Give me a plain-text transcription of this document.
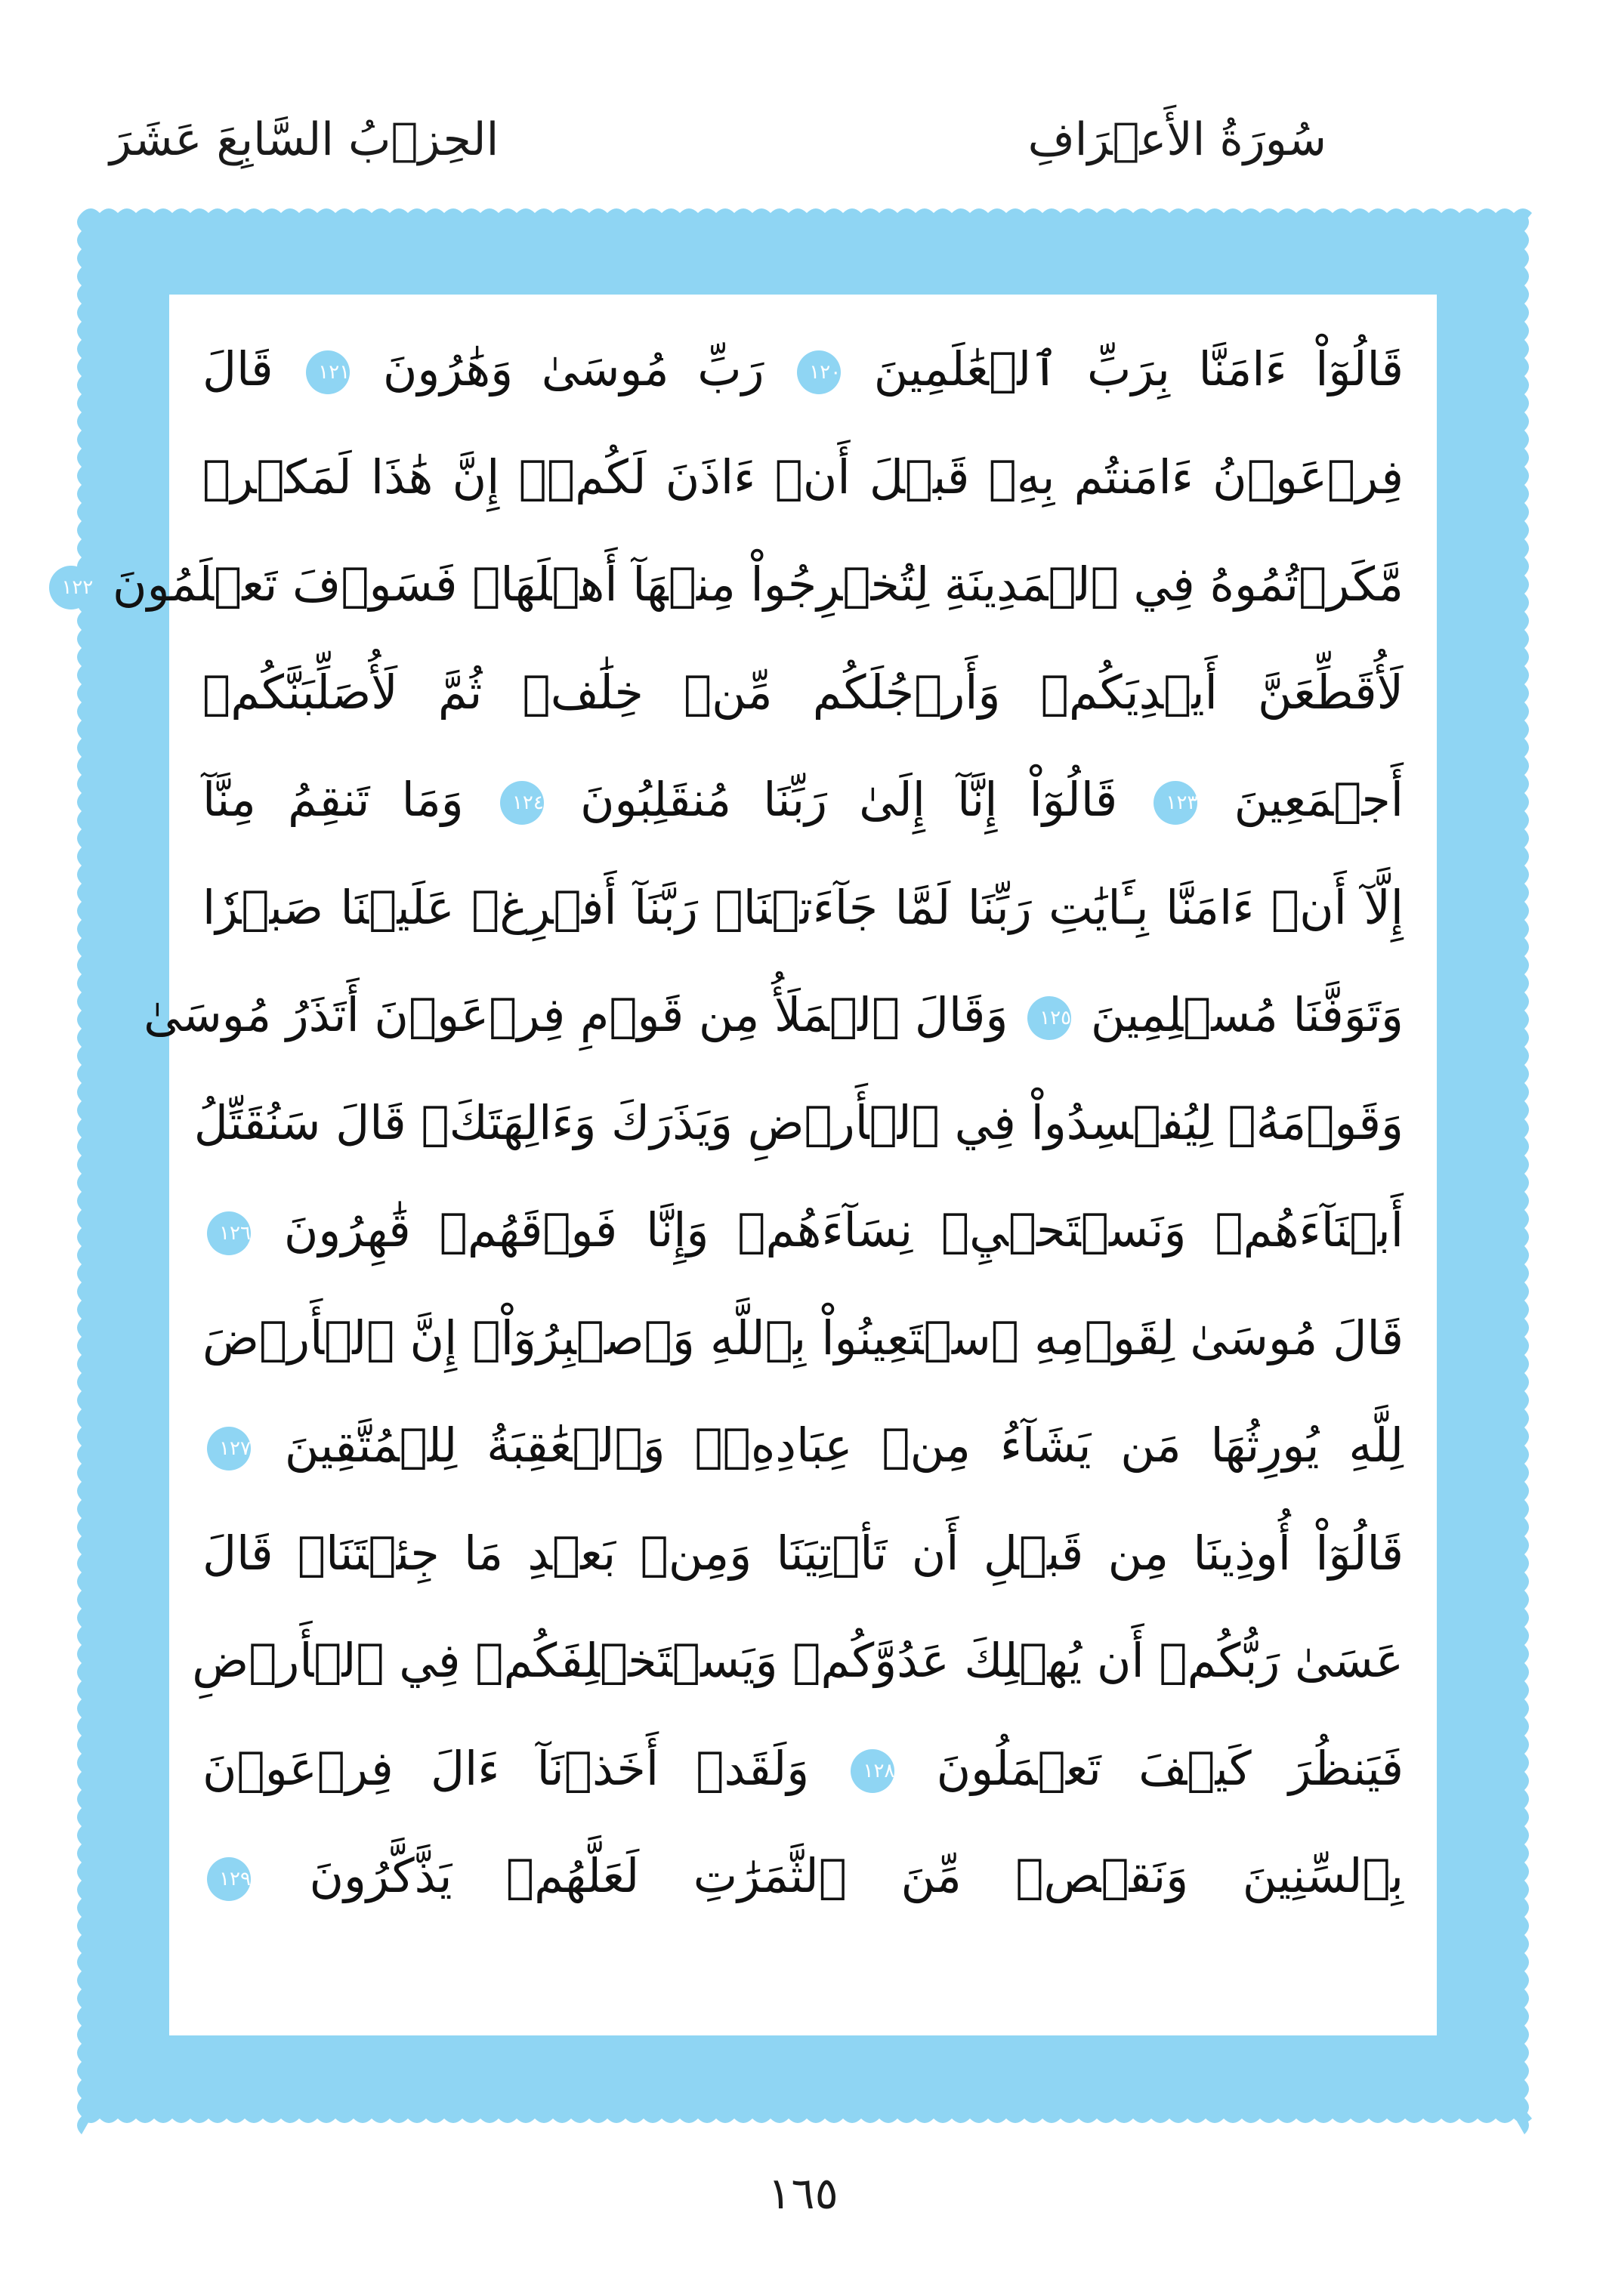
سُورَةُ الأَعۡرَافِ
الحِزۡبُ السَّابِعَ عَشَرَ
قَالُوٓاْ ءَامَنَّا بِرَبِّ ٱلۡعَٰلَمِينَ ١٢٠ رَبِّ مُوسَىٰ وَهَٰرُونَ ١٢١ قَالَ
فِرۡعَوۡنُ ءَامَنتُم بِهِۦ قَبۡلَ أَنۡ ءَاذَنَ لَكُمۡۖ إِنَّ هَٰذَا لَمَكۡرٞ
مَّكَرۡتُمُوهُ فِي ٱلۡمَدِينَةِ لِتُخۡرِجُواْ مِنۡهَآ أَهۡلَهَاۖ فَسَوۡفَ تَعۡلَمُونَ ١٢٢
لَأُقَطِّعَنَّ أَيۡدِيَكُمۡ وَأَرۡجُلَكُم مِّنۡ خِلَٰفٖ ثُمَّ لَأُصَلِّبَنَّكُمۡ
أَجۡمَعِينَ ١٢٣ قَالُوٓاْ إِنَّآ إِلَىٰ رَبِّنَا مُنقَلِبُونَ ١٢٤ وَمَا تَنقِمُ مِنَّآ
إِلَّآ أَنۡ ءَامَنَّا بِـَٔايَٰتِ رَبِّنَا لَمَّا جَآءَتۡنَاۚ رَبَّنَآ أَفۡرِغۡ عَلَيۡنَا صَبۡرٗا
وَتَوَفَّنَا مُسۡلِمِينَ ١٢٥ وَقَالَ ٱلۡمَلَأُ مِن قَوۡمِ فِرۡعَوۡنَ أَتَذَرُ مُوسَىٰ
وَقَوۡمَهُۥ لِيُفۡسِدُواْ فِي ٱلۡأَرۡضِ وَيَذَرَكَ وَءَالِهَتَكَۚ قَالَ سَنُقَتِّلُ
أَبۡنَآءَهُمۡ وَنَسۡتَحۡيِۦ نِسَآءَهُمۡ وَإِنَّا فَوۡقَهُمۡ قَٰهِرُونَ ١٢٦
قَالَ مُوسَىٰ لِقَوۡمِهِ ٱسۡتَعِينُواْ بِٱللَّهِ وَٱصۡبِرُوٓاْۖ إِنَّ ٱلۡأَرۡضَ
لِلَّهِ يُورِثُهَا مَن يَشَآءُ مِنۡ عِبَادِهِۦۖ وَٱلۡعَٰقِبَةُ لِلۡمُتَّقِينَ ١٢٧
قَالُوٓاْ أُوذِينَا مِن قَبۡلِ أَن تَأۡتِيَنَا وَمِنۢ بَعۡدِ مَا جِئۡتَنَاۚ قَالَ
عَسَىٰ رَبُّكُمۡ أَن يُهۡلِكَ عَدُوَّكُمۡ وَيَسۡتَخۡلِفَكُمۡ فِي ٱلۡأَرۡضِ
فَيَنظُرَ كَيۡفَ تَعۡمَلُونَ ١٢٨ وَلَقَدۡ أَخَذۡنَآ ءَالَ فِرۡعَوۡنَ
بِٱلسِّنِينَ وَنَقۡصٖ مِّنَ ٱلثَّمَرَٰتِ لَعَلَّهُمۡ يَذَّكَّرُونَ ١٢٩
١٦٥
